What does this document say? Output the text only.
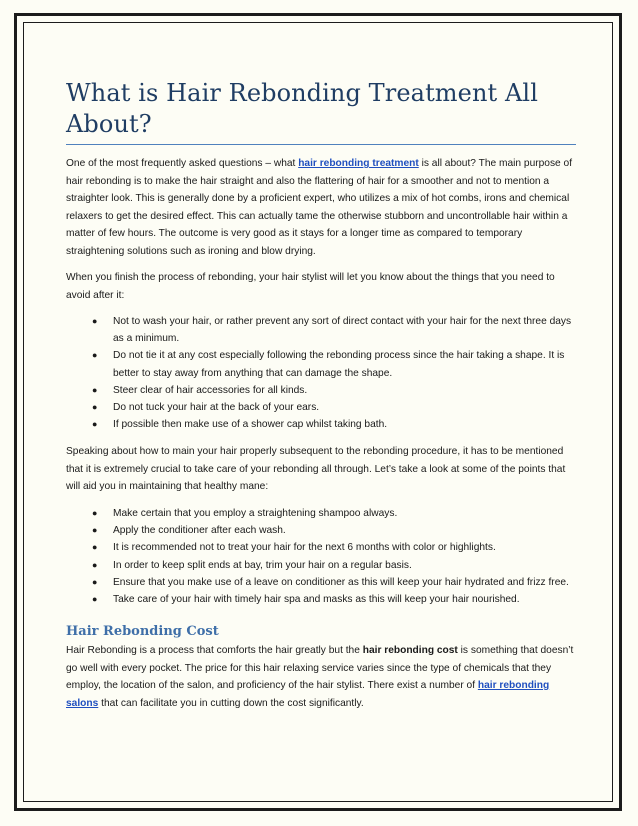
What is Hair Rebonding Treatment All About?

One of the most frequently asked questions – what hair rebonding treatment is all about? The main purpose of hair rebonding is to make the hair straight and also the flattering of hair for a smoother and not to mention a straighter look. This is generally done by a proficient expert, who utilizes a mix of hot combs, irons and chemical relaxers to get the desired effect. This can actually tame the otherwise stubborn and uncontrollable hair within a matter of few hours. The outcome is very good as it stays for a longer time as compared to temporary straightening solutions such as ironing and blow drying.

When you finish the process of rebonding, your hair stylist will let you know about the things that you need to avoid after it:

● Not to wash your hair, or rather prevent any sort of direct contact with your hair for the next three days as a minimum.
● Do not tie it at any cost especially following the rebonding process since the hair taking a shape. It is better to stay away from anything that can damage the shape.
● Steer clear of hair accessories for all kinds.
● Do not tuck your hair at the back of your ears.
● If possible then make use of a shower cap whilst taking bath.

Speaking about how to main your hair properly subsequent to the rebonding procedure, it has to be mentioned that it is extremely crucial to take care of your rebonding all through. Let’s take a look at some of the points that will aid you in maintaining that healthy mane:

● Make certain that you employ a straightening shampoo always.
● Apply the conditioner after each wash.
● It is recommended not to treat your hair for the next 6 months with color or highlights.
● In order to keep split ends at bay, trim your hair on a regular basis.
● Ensure that you make use of a leave on conditioner as this will keep your hair hydrated and frizz free.
● Take care of your hair with timely hair spa and masks as this will keep your hair nourished.
Hair Rebonding Cost

Hair Rebonding is a process that comforts the hair greatly but the hair rebonding cost is something that doesn’t go well with every pocket. The price for this hair relaxing service varies since the type of chemicals that they employ, the location of the salon, and proficiency of the hair stylist. There exist a number of hair rebonding salons that can facilitate you in cutting down the cost significantly.
